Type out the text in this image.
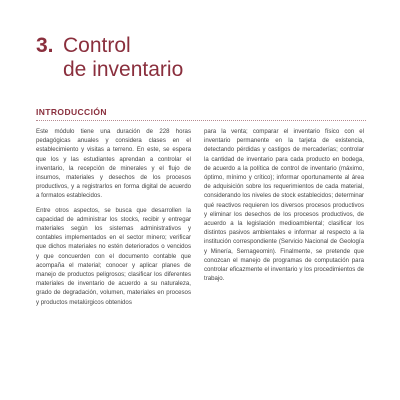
3. Control
de inventario
INTRODUCCIÓN

Este módulo tiene una duración de 228 horas pedagógicas anuales y considera clases en el establecimiento y visitas a terreno. En este, se espera que los y las estudiantes aprendan a controlar el inventario, la recepción de minerales y el flujo de insumos, materiales y desechos de los procesos productivos, y a registrarlos en forma digital de acuerdo a formatos establecidos.

Entre otros aspectos, se busca que desarrollen la capacidad de administrar los stocks, recibir y entregar materiales según los sistemas administrativos y contables implementados en el sector minero; verificar que dichos materiales no estén deteriorados o vencidos y que concuerden con el documento contable que acompaña el material; conocer y aplicar planes de manejo de productos peligrosos; clasificar los diferentes materiales de inventario de acuerdo a su naturaleza, grado de degradación, volumen, materiales en procesos y productos metalúrgicos obtenidos

para la venta; comparar el inventario físico con el inventario permanente en la tarjeta de existencia, detectando pérdidas y castigos de mercaderías; controlar la cantidad de inventario para cada producto en bodega, de acuerdo a la política de control de inventario (máximo, óptimo, mínimo y crítico); informar oportunamente al área de adquisición sobre los requerimientos de cada material, considerando los niveles de stock establecidos; determinar qué reactivos requieren los diversos procesos productivos y eliminar los desechos de los procesos productivos, de acuerdo a la legislación medioambiental; clasificar los distintos pasivos ambientales e informar al respecto a la institución correspondiente (Servicio Nacional de Geología y Minería, Sernageomin). Finalmente, se pretende que conozcan el manejo de programas de computación para controlar eficazmente el inventario y los procedimientos de trabajo.
